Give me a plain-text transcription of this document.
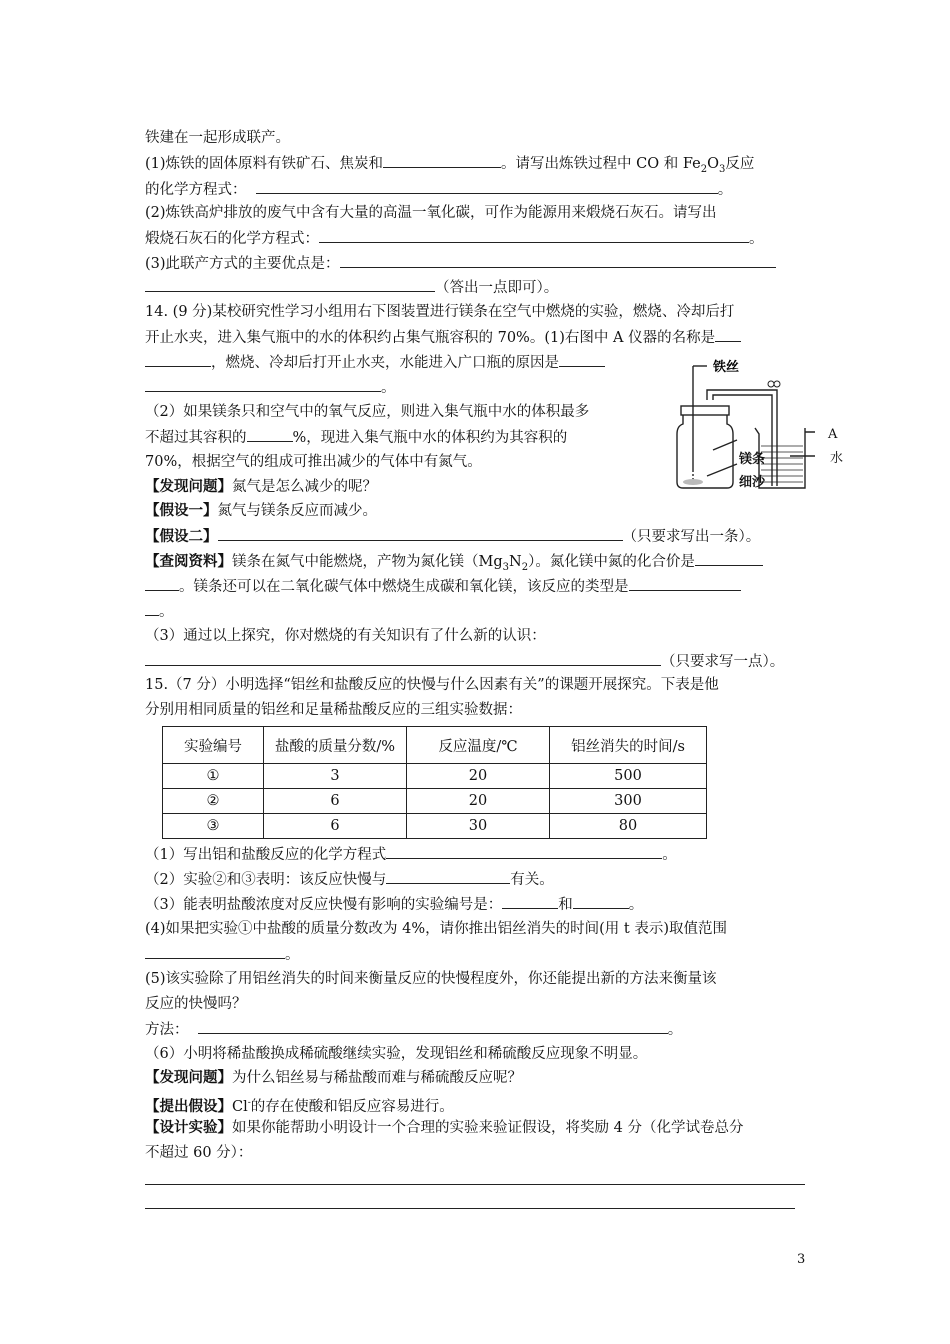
铁建在一起形成联产。
(1)炼铁的固体原料有铁矿石、焦炭和	。请写出炼铁过程中 CO 和 $Fe_2O_3$反应
的化学方程式：	。
(2)炼铁高炉排放的废气中含有大量的高温一氧化碳，可作为能源用来煅烧石灰石。请写出
煅烧石灰石的化学方程式：	。
(3)此联产方式的主要优点是：
（答出一点即可）。
14. (9 分)某校研究性学习小组用右下图装置进行镁条在空气中燃烧的实验，燃烧、冷却后打
开止水夹，进入集气瓶中的水的体积约占集气瓶容积的 70%。(1)右图中 A 仪器的名称是
，燃烧、冷却后打开止水夹，水能进入广口瓶的原因是
。
（2）如果镁条只和空气中的氧气反应，则进入集气瓶中水的体积最多
不超过其容积的	%，现进入集气瓶中水的体积约为其容积的
70%，根据空气的组成可推出减少的气体中有氮气。
【发现问题】氮气是怎么减少的呢？
【假设一】氮气与镁条反应而减少。
【假设二】	（只要求写出一条）。
【查阅资料】镁条在氮气中能燃烧，产物为氮化镁$(Mg_3N_2)$。氮化镁中氮的化合价是
。镁条还可以在二氧化碳气体中燃烧生成碳和氧化镁，该反应的类型是
。
（3）通过以上探究，你对燃烧的有关知识有了什么新的认识：
（只要求写一点）。
铁丝
A
水
镁条
细沙
15.（7 分）小明选择“铝丝和盐酸反应的快慢与什么因素有关”的课题开展探究。下表是他
分别用相同质量的铝丝和足量稀盐酸反应的三组实验数据：
实验编号	盐酸的质量分数/%	反应温度/℃	铝丝消失的时间/s
①	3	20	500
②	6	20	300
③	6	30	80
（1）写出铝和盐酸反应的化学方程式	。
（2）实验②和③表明：该反应快慢与	有关。
（3）能表明盐酸浓度对反应快慢有影响的实验编号是：	和	。
(4)如果把实验①中盐酸的质量分数改为 4%，请你推出铝丝消失的时间(用 t 表示)取值范围
。
(5)该实验除了用铝丝消失的时间来衡量反应的快慢程度外，你还能提出新的方法来衡量该
反应的快慢吗？
方法：	。
（6）小明将稀盐酸换成稀硫酸继续实验，发现铝丝和稀硫酸反应现象不明显。
【发现问题】为什么铝丝易与稀盐酸而难与稀硫酸反应呢？
【提出假设】Cl-的存在使酸和铝反应容易进行。
【设计实验】如果你能帮助小明设计一个合理的实验来验证假设，将奖励 4 分（化学试卷总分
不超过 60 分）：
3
